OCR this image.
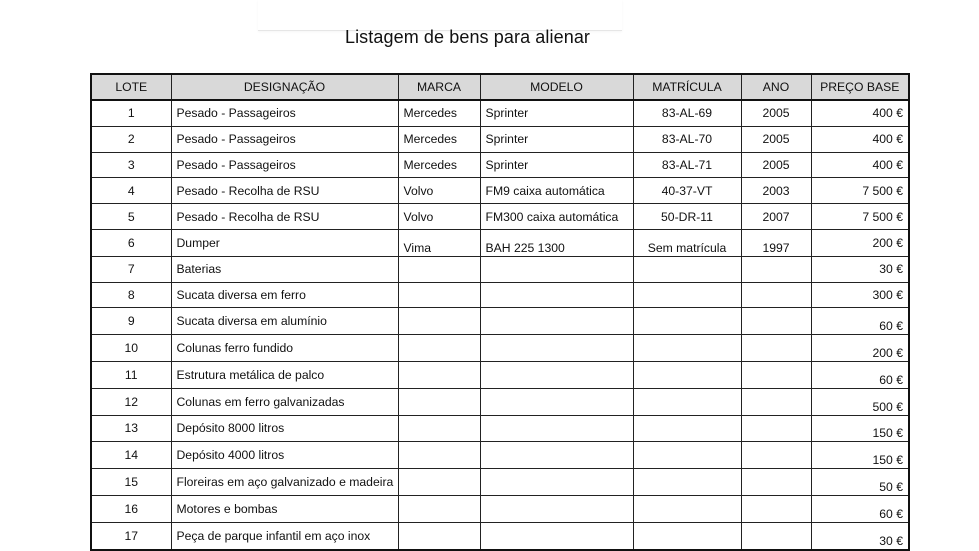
Listagem de bens para alienar
LOTE	DESIGNAÇÃO	MARCA	MODELO	MATRÍCULA	ANO	PREÇO BASE
1	Pesado - Passageiros	Mercedes	Sprinter	83-AL-69	2005	400 €
2	Pesado - Passageiros	Mercedes	Sprinter	83-AL-70	2005	400 €
3	Pesado - Passageiros	Mercedes	Sprinter	83-AL-71	2005	400 €
4	Pesado - Recolha de RSU	Volvo	FM9 caixa automática	40-37-VT	2003	7 500 €
5	Pesado - Recolha de RSU	Volvo	FM300 caixa automática	50-DR-11	2007	7 500 €
6	Dumper	Vima	BAH 225 1300	Sem matrícula	1997	200 €
7	Baterias					30 €
8	Sucata diversa em ferro					300 €
9	Sucata diversa em alumínio					60 €
10	Colunas ferro fundido					200 €
11	Estrutura metálica de palco					60 €
12	Colunas em ferro galvanizadas					500 €
13	Depósito 8000 litros					150 €
14	Depósito 4000 litros					150 €
15	Floreiras em aço galvanizado e madeira					50 €
16	Motores e bombas					60 €
17	Peça de parque infantil em aço inox					30 €
